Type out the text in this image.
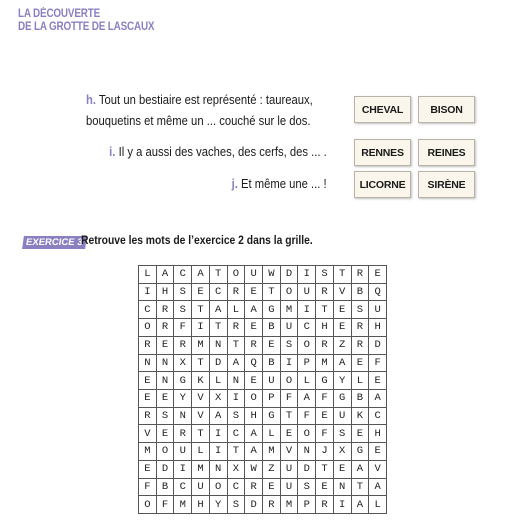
LA DÉCOUVERTE
DE LA GROTTE DE LASCAUX
h. Tout un bestiaire est représenté : taureaux,
bouquetins et même un ... couché sur le dos.
CHEVAL	BISON
i. Il y a aussi des vaches, des cerfs, des ... .	RENNES	REINES
j. Et même une ... !	LICORNE	SIRÈNE
EXERCICE 3
Retrouve les mots de l’exercice 2 dans la grille.
L	A	C	A	T	O	U	W	D	I	S	T	R	E
I	H	S	E	C	R	E	T	O	U	R	V	B	Q
C	R	S	T	A	L	A	G	M	I	T	E	S	U
O	R	F	I	T	R	E	B	U	C	H	E	R	H
R	E	R	M	N	T	R	E	S	O	R	Z	R	D
N	N	X	T	D	A	Q	B	I	P	M	A	E	F
E	N	G	K	L	N	E	U	O	L	G	Y	L	E
E	E	Y	V	X	I	O	P	F	A	F	G	B	A
R	S	N	V	A	S	H	G	T	F	E	U	K	C
V	E	R	T	I	C	A	L	E	O	F	S	E	H
M	O	U	L	I	T	A	M	V	N	J	X	G	E
E	D	I	M	N	X	W	Z	U	D	T	E	A	V
F	B	C	U	O	C	R	E	U	S	E	N	T	A
O	F	M	H	Y	S	D	R	M	P	R	I	A	L
